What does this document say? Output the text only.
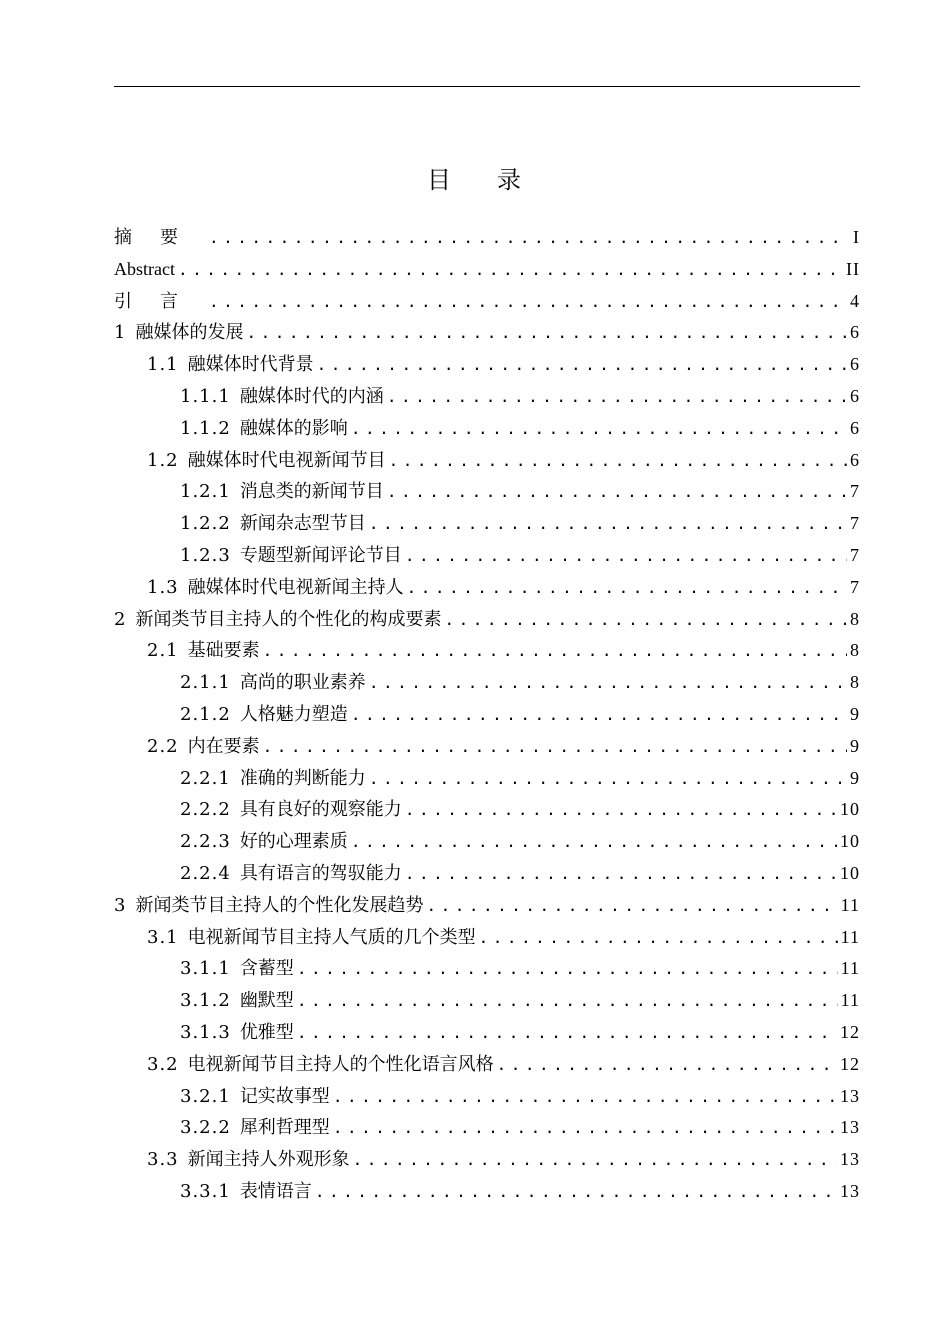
目 录
摘要 .....	I
Abstract .....	II
引言 .....	4
1 融媒体的发展 .....	6
1.1 融媒体时代背景 .....	6
1.1.1 融媒体时代的内涵 .....	6
1.1.2 融媒体的影响 .....	6
1.2 融媒体时代电视新闻节目 .....	6
1.2.1 消息类的新闻节目 .....	7
1.2.2 新闻杂志型节目 .....	7
1.2.3 专题型新闻评论节目 .....	7
1.3 融媒体时代电视新闻主持人 .....	7
2 新闻类节目主持人的个性化的构成要素 .....	8
2.1 基础要素 .....	8
2.1.1 高尚的职业素养 .....	8
2.1.2 人格魅力塑造 .....	9
2.2 内在要素 .....	9
2.2.1 准确的判断能力 .....	9
2.2.2 具有良好的观察能力 .....	10
2.2.3 好的心理素质 .....	10
2.2.4 具有语言的驾驭能力 .....	10
3 新闻类节目主持人的个性化发展趋势 .....	11
3.1 电视新闻节目主持人气质的几个类型 .....	11
3.1.1 含蓄型 .....	11
3.1.2 幽默型 .....	11
3.1.3 优雅型 .....	12
3.2 电视新闻节目主持人的个性化语言风格 .....	12
3.2.1 记实故事型 .....	13
3.2.2 犀利哲理型 .....	13
3.3 新闻主持人外观形象 .....	13
3.3.1 表情语言 .....	13
